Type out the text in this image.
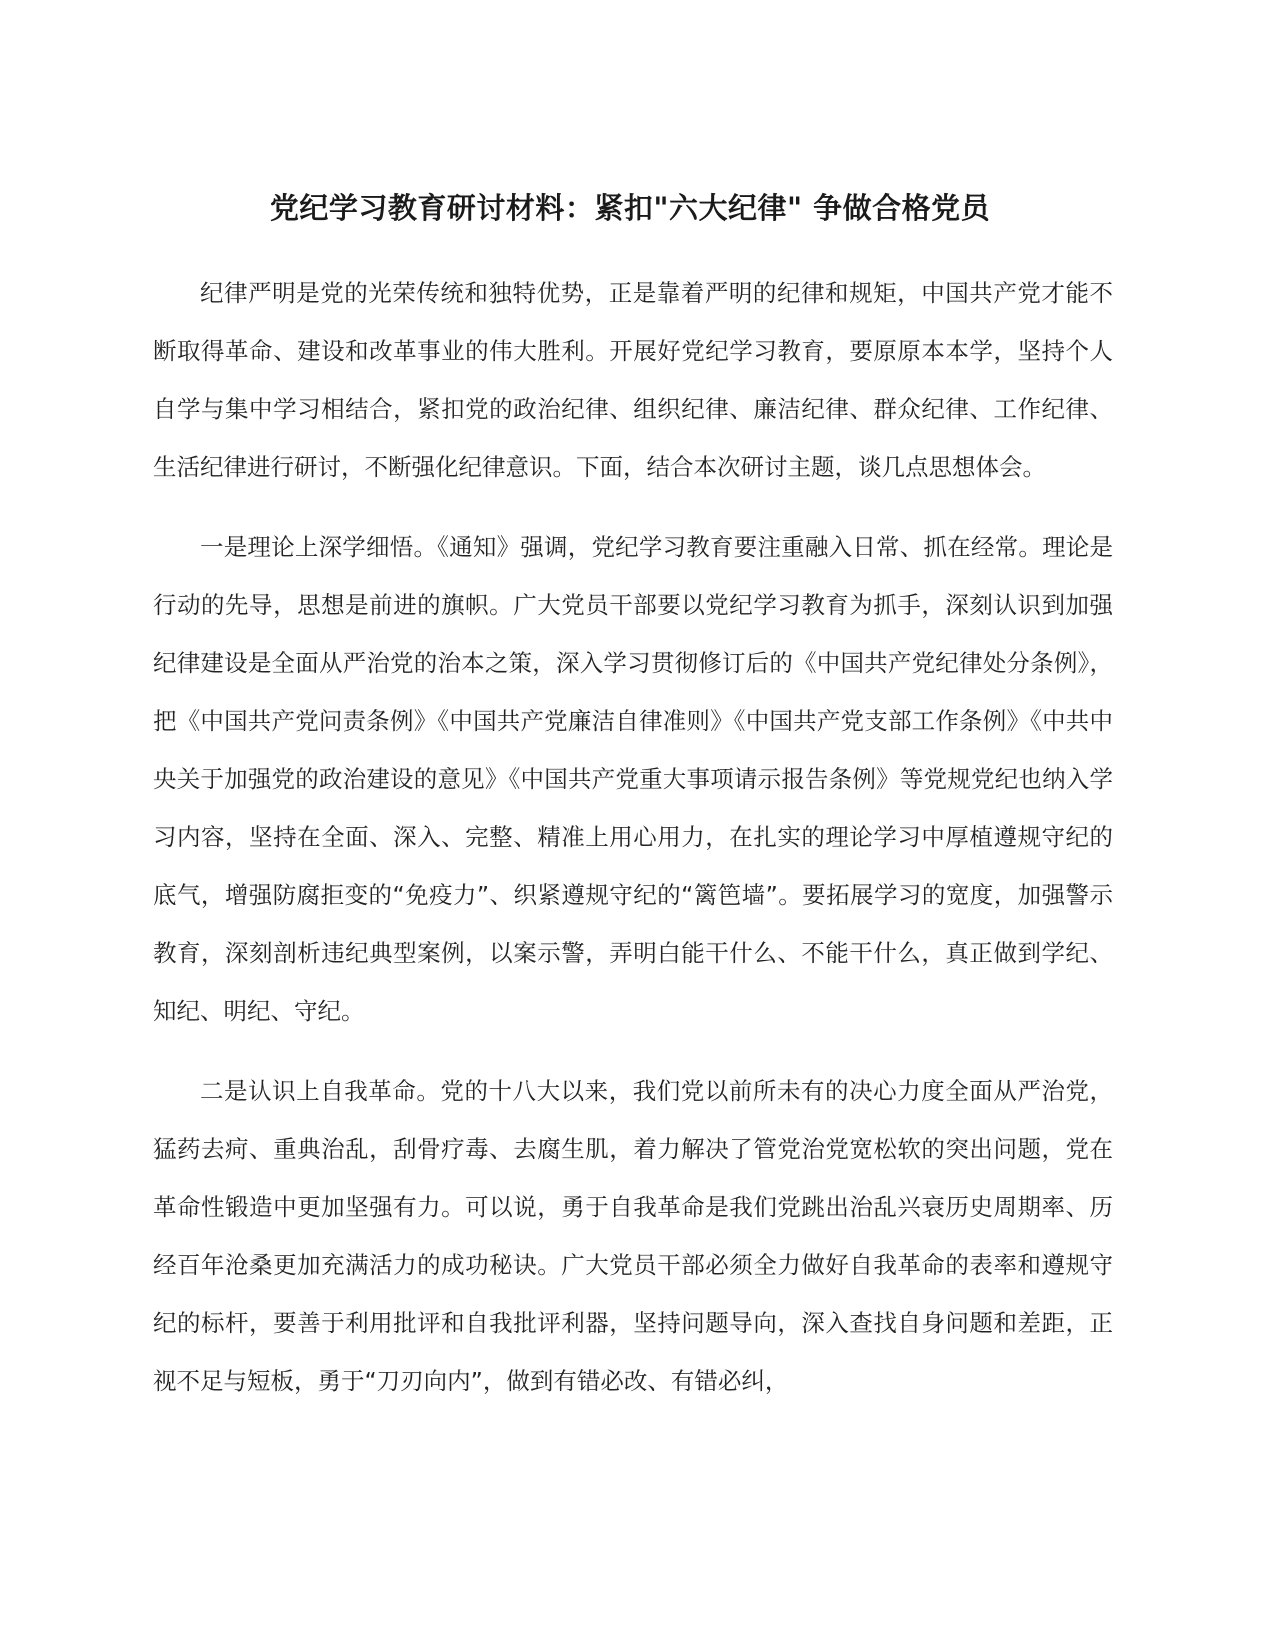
党纪学习教育研讨材料：紧扣"六大纪律" 争做合格党员

纪律严明是党的光荣传统和独特优势，正是靠着严明的纪律和规矩，中国共产党才能不断取得革命、建设和改革事业的伟大胜利。开展好党纪学习教育，要原原本本学，坚持个人自学与集中学习相结合，紧扣党的政治纪律、组织纪律、廉洁纪律、群众纪律、工作纪律、生活纪律进行研讨，不断强化纪律意识。下面，结合本次研讨主题，谈几点思想体会。

一是理论上深学细悟。《通知》强调，党纪学习教育要注重融入日常、抓在经常。理论是行动的先导，思想是前进的旗帜。广大党员干部要以党纪学习教育为抓手，深刻认识到加强纪律建设是全面从严治党的治本之策，深入学习贯彻修订后的《中国共产党纪律处分条例》，把《中国共产党问责条例》《中国共产党廉洁自律准则》《中国共产党支部工作条例》《中共中央关于加强党的政治建设的意见》《中国共产党重大事项请示报告条例》等党规党纪也纳入学习内容，坚持在全面、深入、完整、精准上用心用力，在扎实的理论学习中厚植遵规守纪的底气，增强防腐拒变的“免疫力”、织紧遵规守纪的“篱笆墙”。要拓展学习的宽度，加强警示教育，深刻剖析违纪典型案例，以案示警，弄明白能干什么、不能干什么，真正做到学纪、知纪、明纪、守纪。

二是认识上自我革命。党的十八大以来，我们党以前所未有的决心力度全面从严治党，猛药去疴、重典治乱，刮骨疗毒、去腐生肌，着力解决了管党治党宽松软的突出问题，党在革命性锻造中更加坚强有力。可以说，勇于自我革命是我们党跳出治乱兴衰历史周期率、历经百年沧桑更加充满活力的成功秘诀。广大党员干部必须全力做好自我革命的表率和遵规守纪的标杆，要善于利用批评和自我批评利器，坚持问题导向，深入查找自身问题和差距，正视不足与短板，勇于“刀刃向内”，做到有错必改、有错必纠，
